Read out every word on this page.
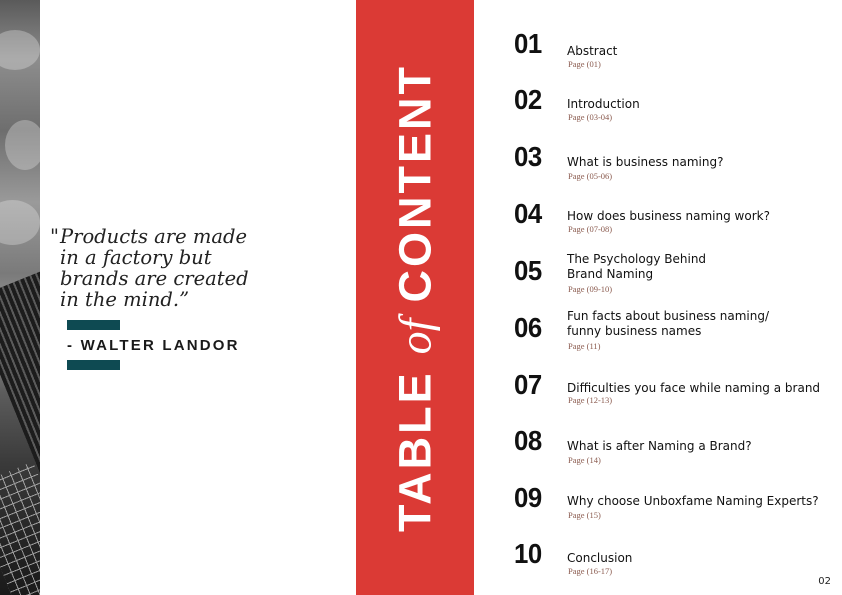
" Products are made in a factory but brands are created in the mind.”
- WALTER LANDOR
TABLE
of
CONTENT
01 Abstract
Page (01)
02 Introduction
Page (03-04)
03 What is business naming?
Page (05-06)
04 How does business naming work?
Page (07-08)
05 The Psychology Behind Brand Naming
Page (09-10)
06 Fun facts about business naming/ funny business names
Page (11)
07 Difficulties you face while naming a brand
Page (12-13)
08 What is after Naming a Brand?
Page (14)
09 Why choose Unboxfame Naming Experts?
Page (15)
10 Conclusion
Page (16-17)
02
